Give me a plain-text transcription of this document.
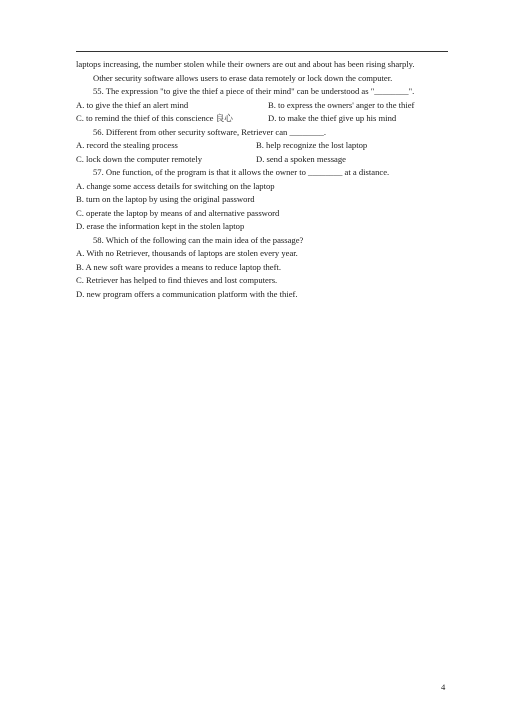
laptops increasing, the number stolen while their owners are out and about has been rising sharply.
Other security software allows users to erase data remotely or lock down the computer.
55. The expression "to give the thief a piece of their mind" can be understood as "________".
A. to give the thief an alert mind	B. to express the owners' anger to the thief
C. to remind the thief of this conscience 良心	D. to make the thief give up his mind
56. Different from other security software, Retriever can ________.
A. record the stealing process	B. help recognize the lost laptop
C. lock down the computer remotely	D. send a spoken message
57. One function, of the program is that it allows the owner to ________ at a distance.
A. change some access details for switching on the laptop
B. turn on the laptop by using the original password
C. operate the laptop by means of and alternative password
D. erase the information kept in the stolen laptop
58. Which of the following can the main idea of the passage?
A. With no Retriever, thousands of laptops are stolen every year.
B. A new soft ware provides a means to reduce laptop theft.
C. Retriever has helped to find thieves and lost computers.
D. new program offers a communication platform with the thief.
4
